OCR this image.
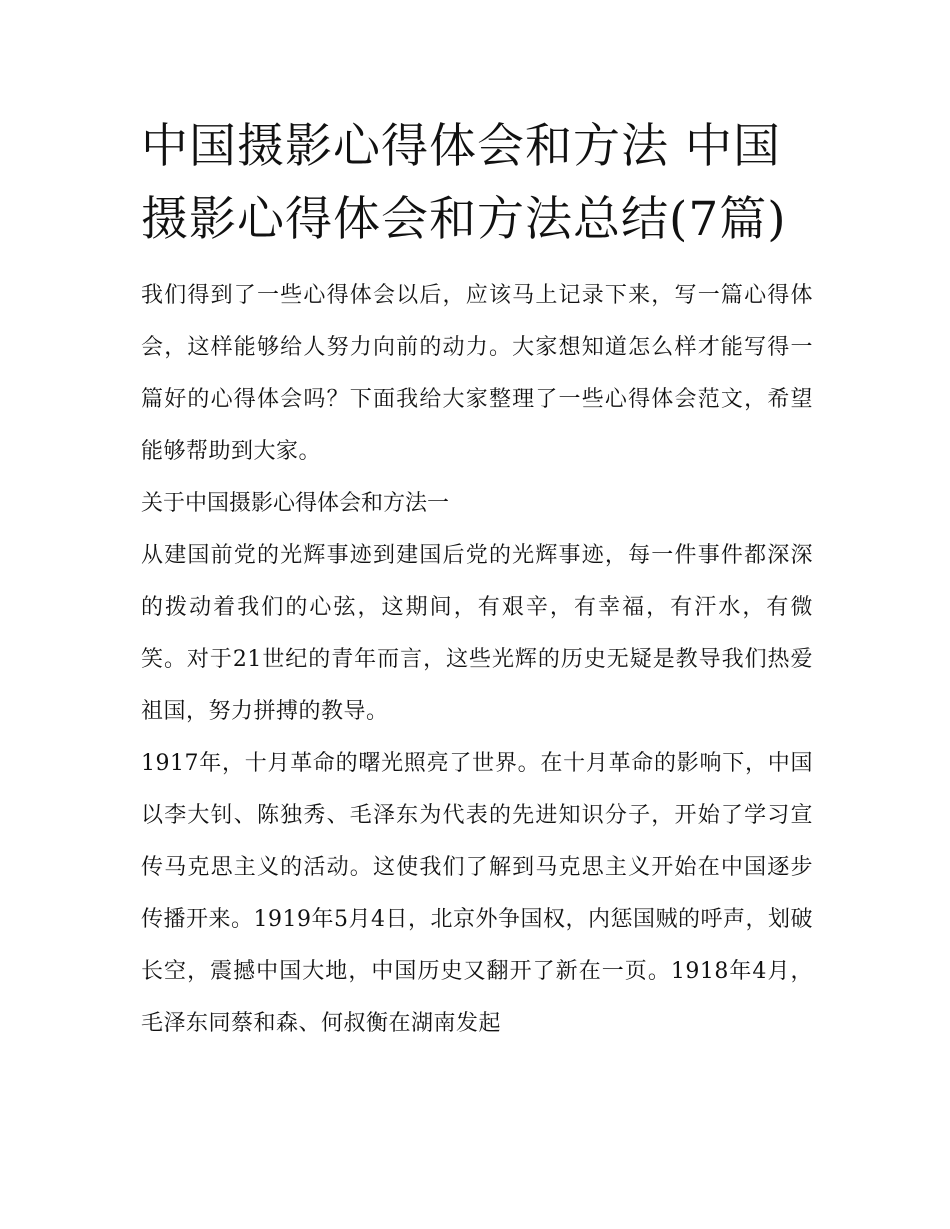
中国摄影心得体会和方法 中国摄影心得体会和方法总结(7篇)

我们得到了一些心得体会以后，应该马上记录下来，写一篇心得体会，这样能够给人努力向前的动力。大家想知道怎么样才能写得一篇好的心得体会吗？下面我给大家整理了一些心得体会范文，希望能够帮助到大家。

关于中国摄影心得体会和方法一

从建国前党的光辉事迹到建国后党的光辉事迹，每一件事件都深深的拨动着我们的心弦，这期间，有艰辛，有幸福，有汗水，有微笑。对于21世纪的青年而言，这些光辉的历史无疑是教导我们热爱祖国，努力拼搏的教导。

1917年，十月革命的曙光照亮了世界。在十月革命的影响下，中国以李大钊、陈独秀、毛泽东为代表的先进知识分子，开始了学习宣传马克思主义的活动。这使我们了解到马克思主义开始在中国逐步传播开来。1919年5月4日，北京外争国权，内惩国贼的呼声，划破长空，震撼中国大地，中国历史又翻开了新在一页。1918年4月，毛泽东同蔡和森、何叔衡在湖南发起
